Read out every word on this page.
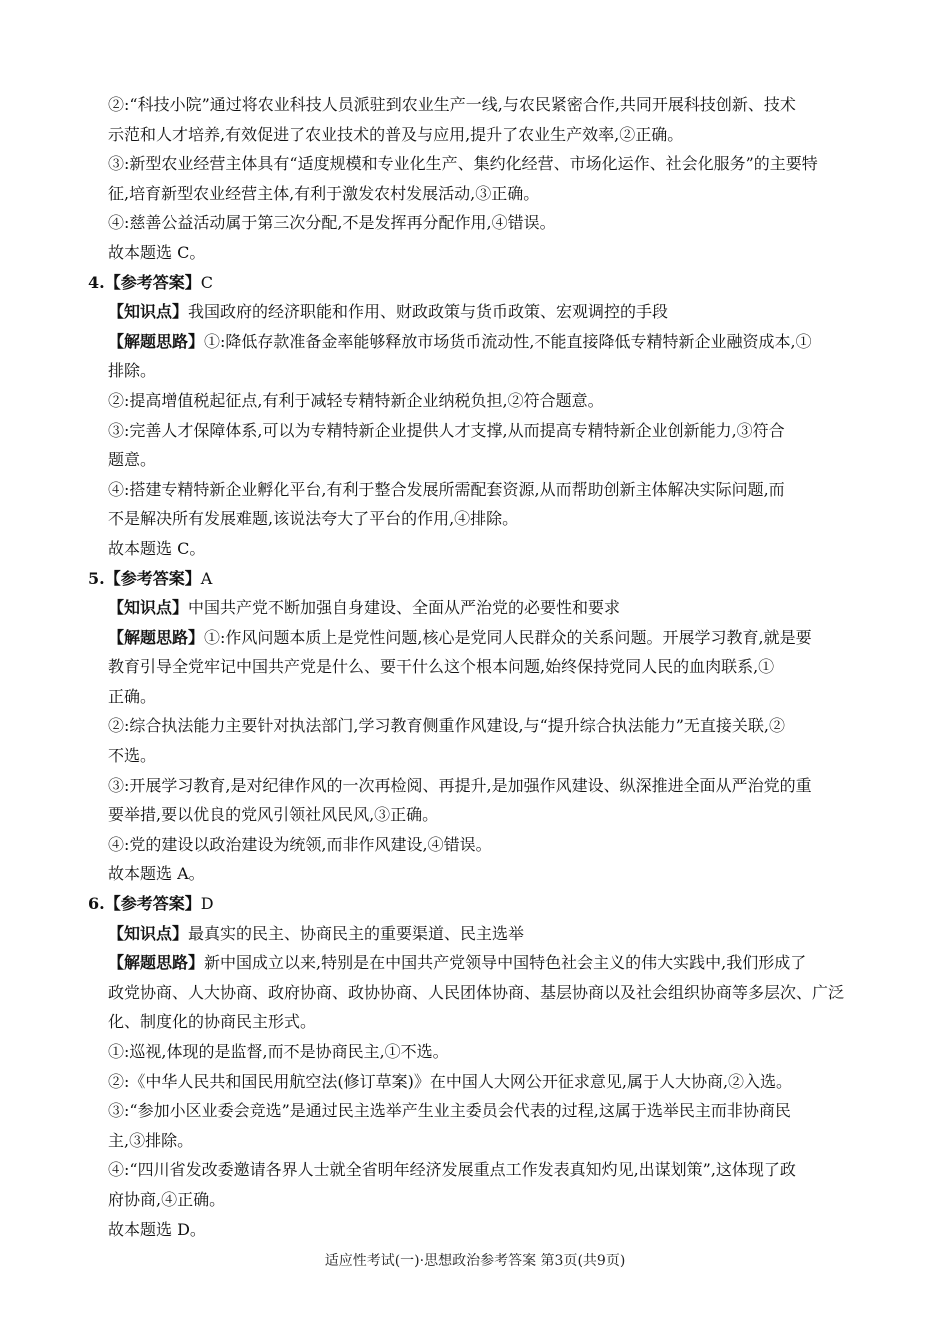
②:“科技小院”通过将农业科技人员派驻到农业生产一线,与农民紧密合作,共同开展科技创新、技术
示范和人才培养,有效促进了农业技术的普及与应用,提升了农业生产效率,②正确。
③:新型农业经营主体具有“适度规模和专业化生产、集约化经营、市场化运作、社会化服务”的主要特
征,培育新型农业经营主体,有利于激发农村发展活动,③正确。
④:慈善公益活动属于第三次分配,不是发挥再分配作用,④错误。
故本题选 C。
4.【参考答案】C
【知识点】我国政府的经济职能和作用、财政政策与货币政策、宏观调控的手段
【解题思路】①:降低存款准备金率能够释放市场货币流动性,不能直接降低专精特新企业融资成本,①
排除。
②:提高增值税起征点,有利于减轻专精特新企业纳税负担,②符合题意。
③:完善人才保障体系,可以为专精特新企业提供人才支撑,从而提高专精特新企业创新能力,③符合
题意。
④:搭建专精特新企业孵化平台,有利于整合发展所需配套资源,从而帮助创新主体解决实际问题,而
不是解决所有发展难题,该说法夸大了平台的作用,④排除。
故本题选 C。
5.【参考答案】A
【知识点】中国共产党不断加强自身建设、全面从严治党的必要性和要求
【解题思路】①:作风问题本质上是党性问题,核心是党同人民群众的关系问题。开展学习教育,就是要
教育引导全党牢记中国共产党是什么、要干什么这个根本问题,始终保持党同人民的血肉联系,①
正确。
②:综合执法能力主要针对执法部门,学习教育侧重作风建设,与“提升综合执法能力”无直接关联,②
不选。
③:开展学习教育,是对纪律作风的一次再检阅、再提升,是加强作风建设、纵深推进全面从严治党的重
要举措,要以优良的党风引领社风民风,③正确。
④:党的建设以政治建设为统领,而非作风建设,④错误。
故本题选 A。
6.【参考答案】D
【知识点】最真实的民主、协商民主的重要渠道、民主选举
【解题思路】新中国成立以来,特别是在中国共产党领导中国特色社会主义的伟大实践中,我们形成了
政党协商、人大协商、政府协商、政协协商、人民团体协商、基层协商以及社会组织协商等多层次、广泛
化、制度化的协商民主形式。
①:巡视,体现的是监督,而不是协商民主,①不选。
②:《中华人民共和国民用航空法(修订草案)》在中国人大网公开征求意见,属于人大协商,②入选。
③:“参加小区业委会竞选”是通过民主选举产生业主委员会代表的过程,这属于选举民主而非协商民
主,③排除。
④:“四川省发改委邀请各界人士就全省明年经济发展重点工作发表真知灼见,出谋划策”,这体现了政
府协商,④正确。
故本题选 D。
适应性考试(一)·思想政治参考答案 第3页(共9页)
